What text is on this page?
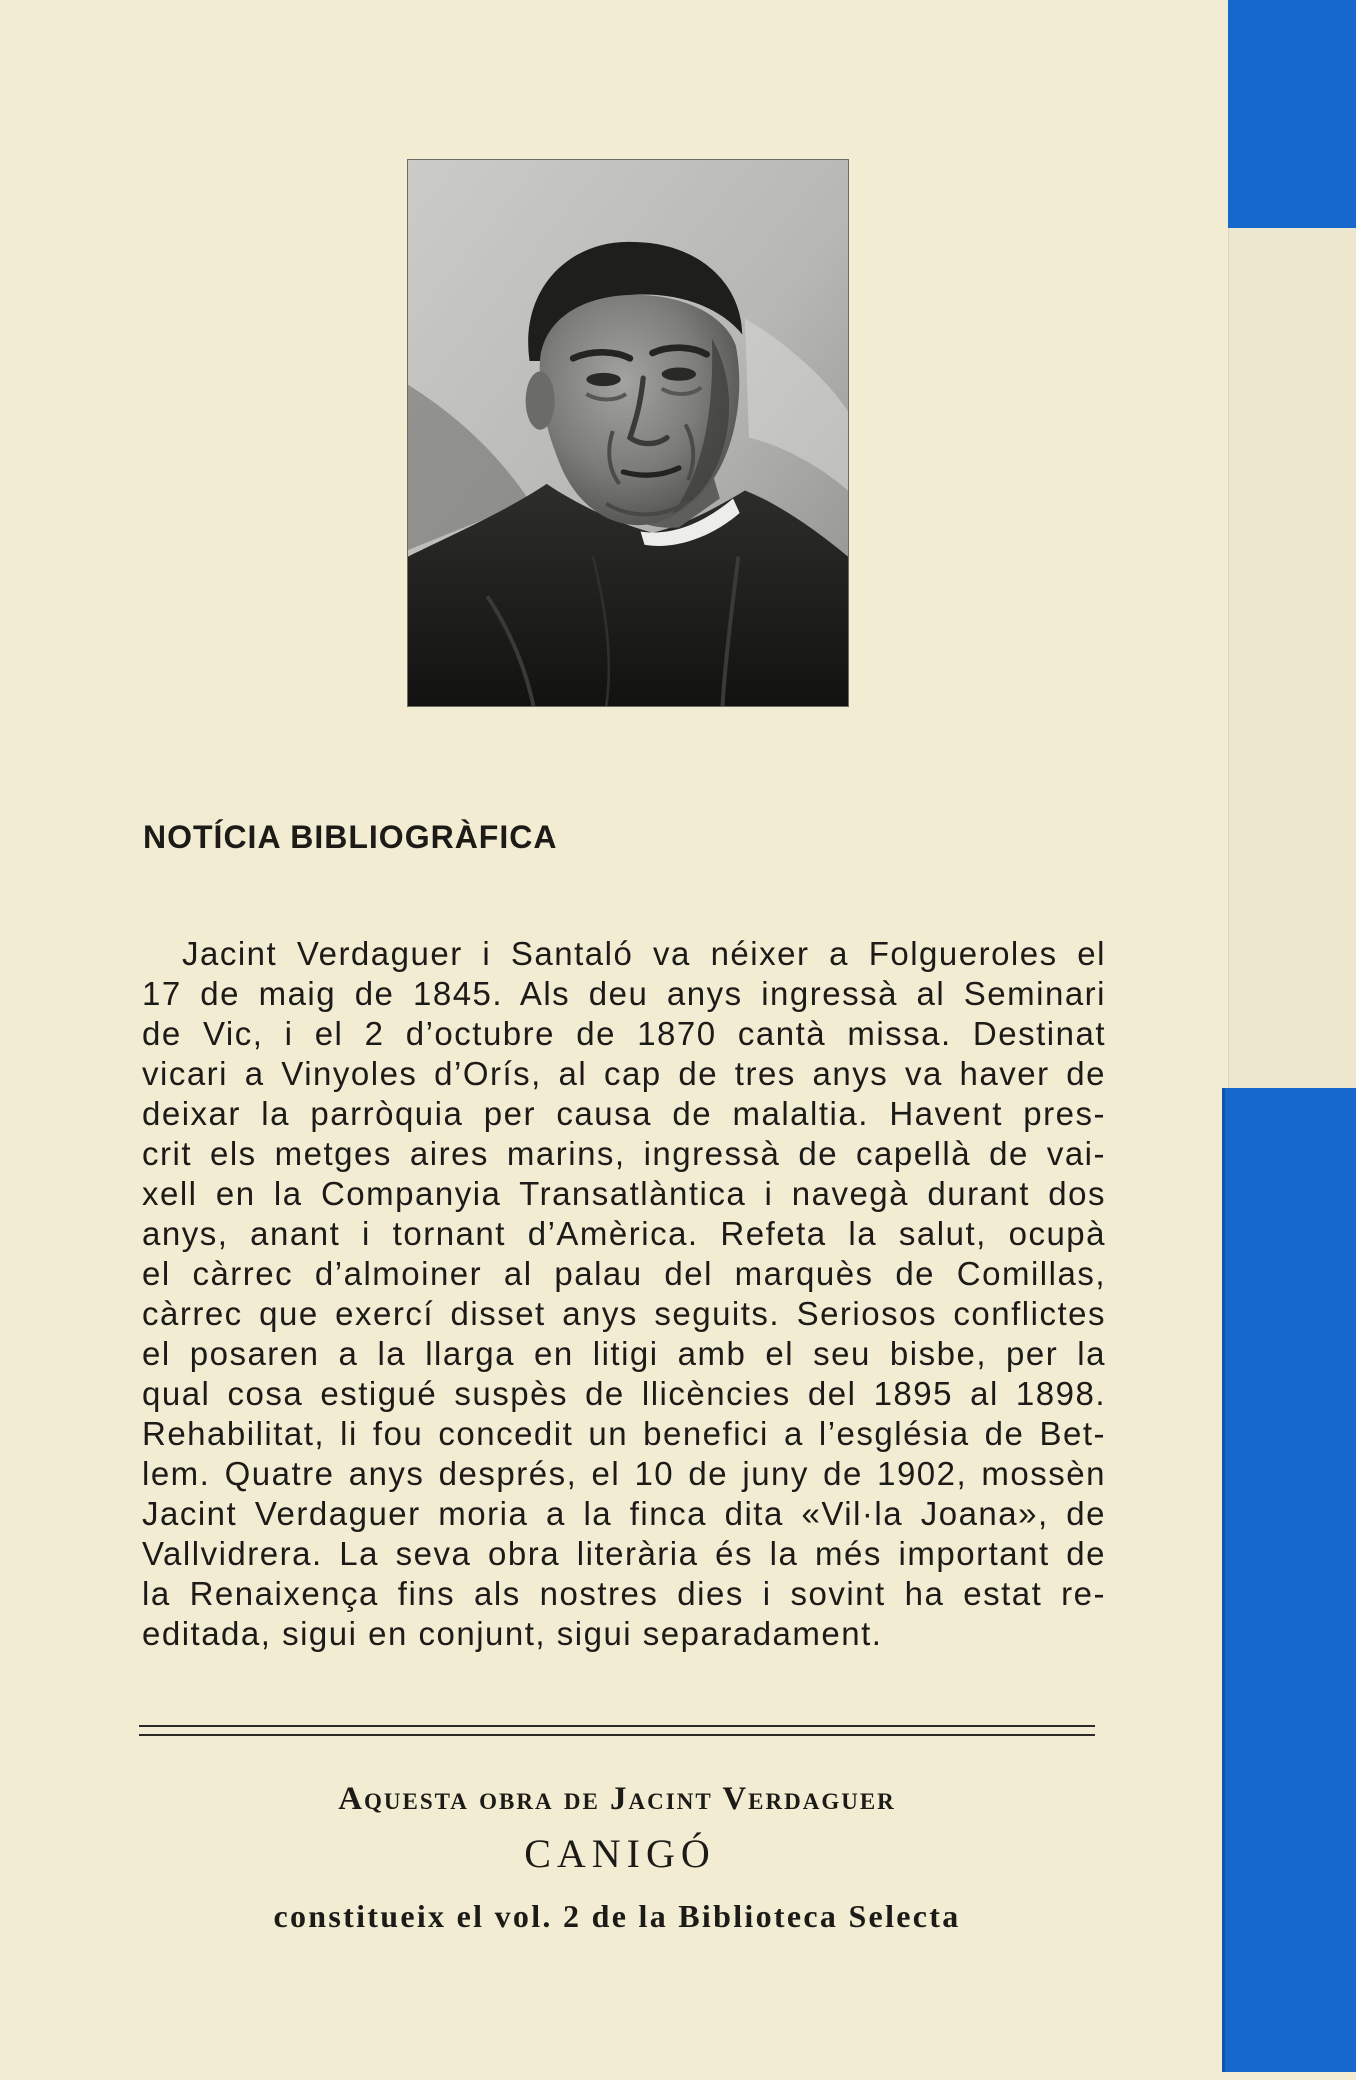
NOTÍCIA BIBLIOGRÀFICA
Jacint Verdaguer i Santaló va néixer a Folgueroles el
17 de maig de 1845. Als deu anys ingressà al Seminari
de Vic, i el 2 d’octubre de 1870 cantà missa. Destinat
vicari a Vinyoles d’Orís, al cap de tres anys va haver de
deixar la parròquia per causa de malaltia. Havent pres-
crit els metges aires marins, ingressà de capellà de vai-
xell en la Companyia Transatlàntica i navegà durant dos
anys, anant i tornant d’Amèrica. Refeta la salut, ocupà
el càrrec d’almoiner al palau del marquès de Comillas,
càrrec que exercí disset anys seguits. Seriosos conflictes
el posaren a la llarga en litigi amb el seu bisbe, per la
qual cosa estigué suspès de llicències del 1895 al 1898.
Rehabilitat, li fou concedit un benefici a l’església de Bet-
lem. Quatre anys després, el 10 de juny de 1902, mossèn
Jacint Verdaguer moria a la finca dita «Vil·la Joana», de
Vallvidrera. La seva obra literària és la més important de
la Renaixença fins als nostres dies i sovint ha estat re-
editada, sigui en conjunt, sigui separadament.
Aquesta obra de Jacint Verdaguer
CANIGÓ
constitueix el vol. 2 de la Biblioteca Selecta
